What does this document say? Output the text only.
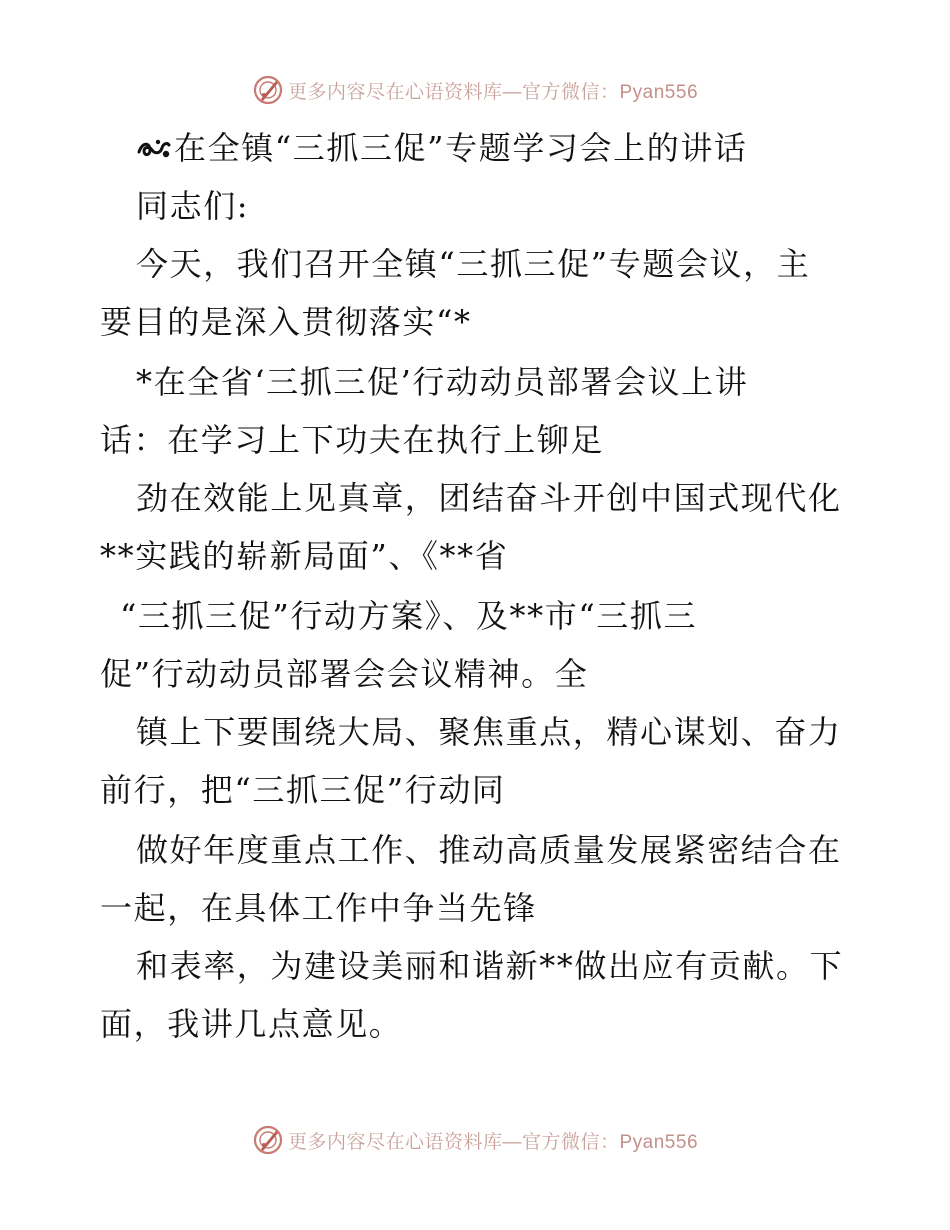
更多内容尽在心语资料库—官方微信：Pyan556
在全镇“三抓三促”专题学习会上的讲话
同志们:
今天，我们召开全镇“三抓三促”专题会议，主
要目的是深入贯彻落实“*
*在全省‘三抓三促’行动动员部署会议上讲
话：在学习上下功夫在执行上铆足
劲在效能上见真章，团结奋斗开创中国式现代化
**实践的崭新局面”、《**省
“三抓三促”行动方案》、及**市“三抓三
促”行动动员部署会会议精神。全
镇上下要围绕大局、聚焦重点，精心谋划、奋力
前行，把“三抓三促”行动同
做好年度重点工作、推动高质量发展紧密结合在
一起，在具体工作中争当先锋
和表率，为建设美丽和谐新**做出应有贡献。下
面，我讲几点意见。
更多内容尽在心语资料库—官方微信：Pyan556
